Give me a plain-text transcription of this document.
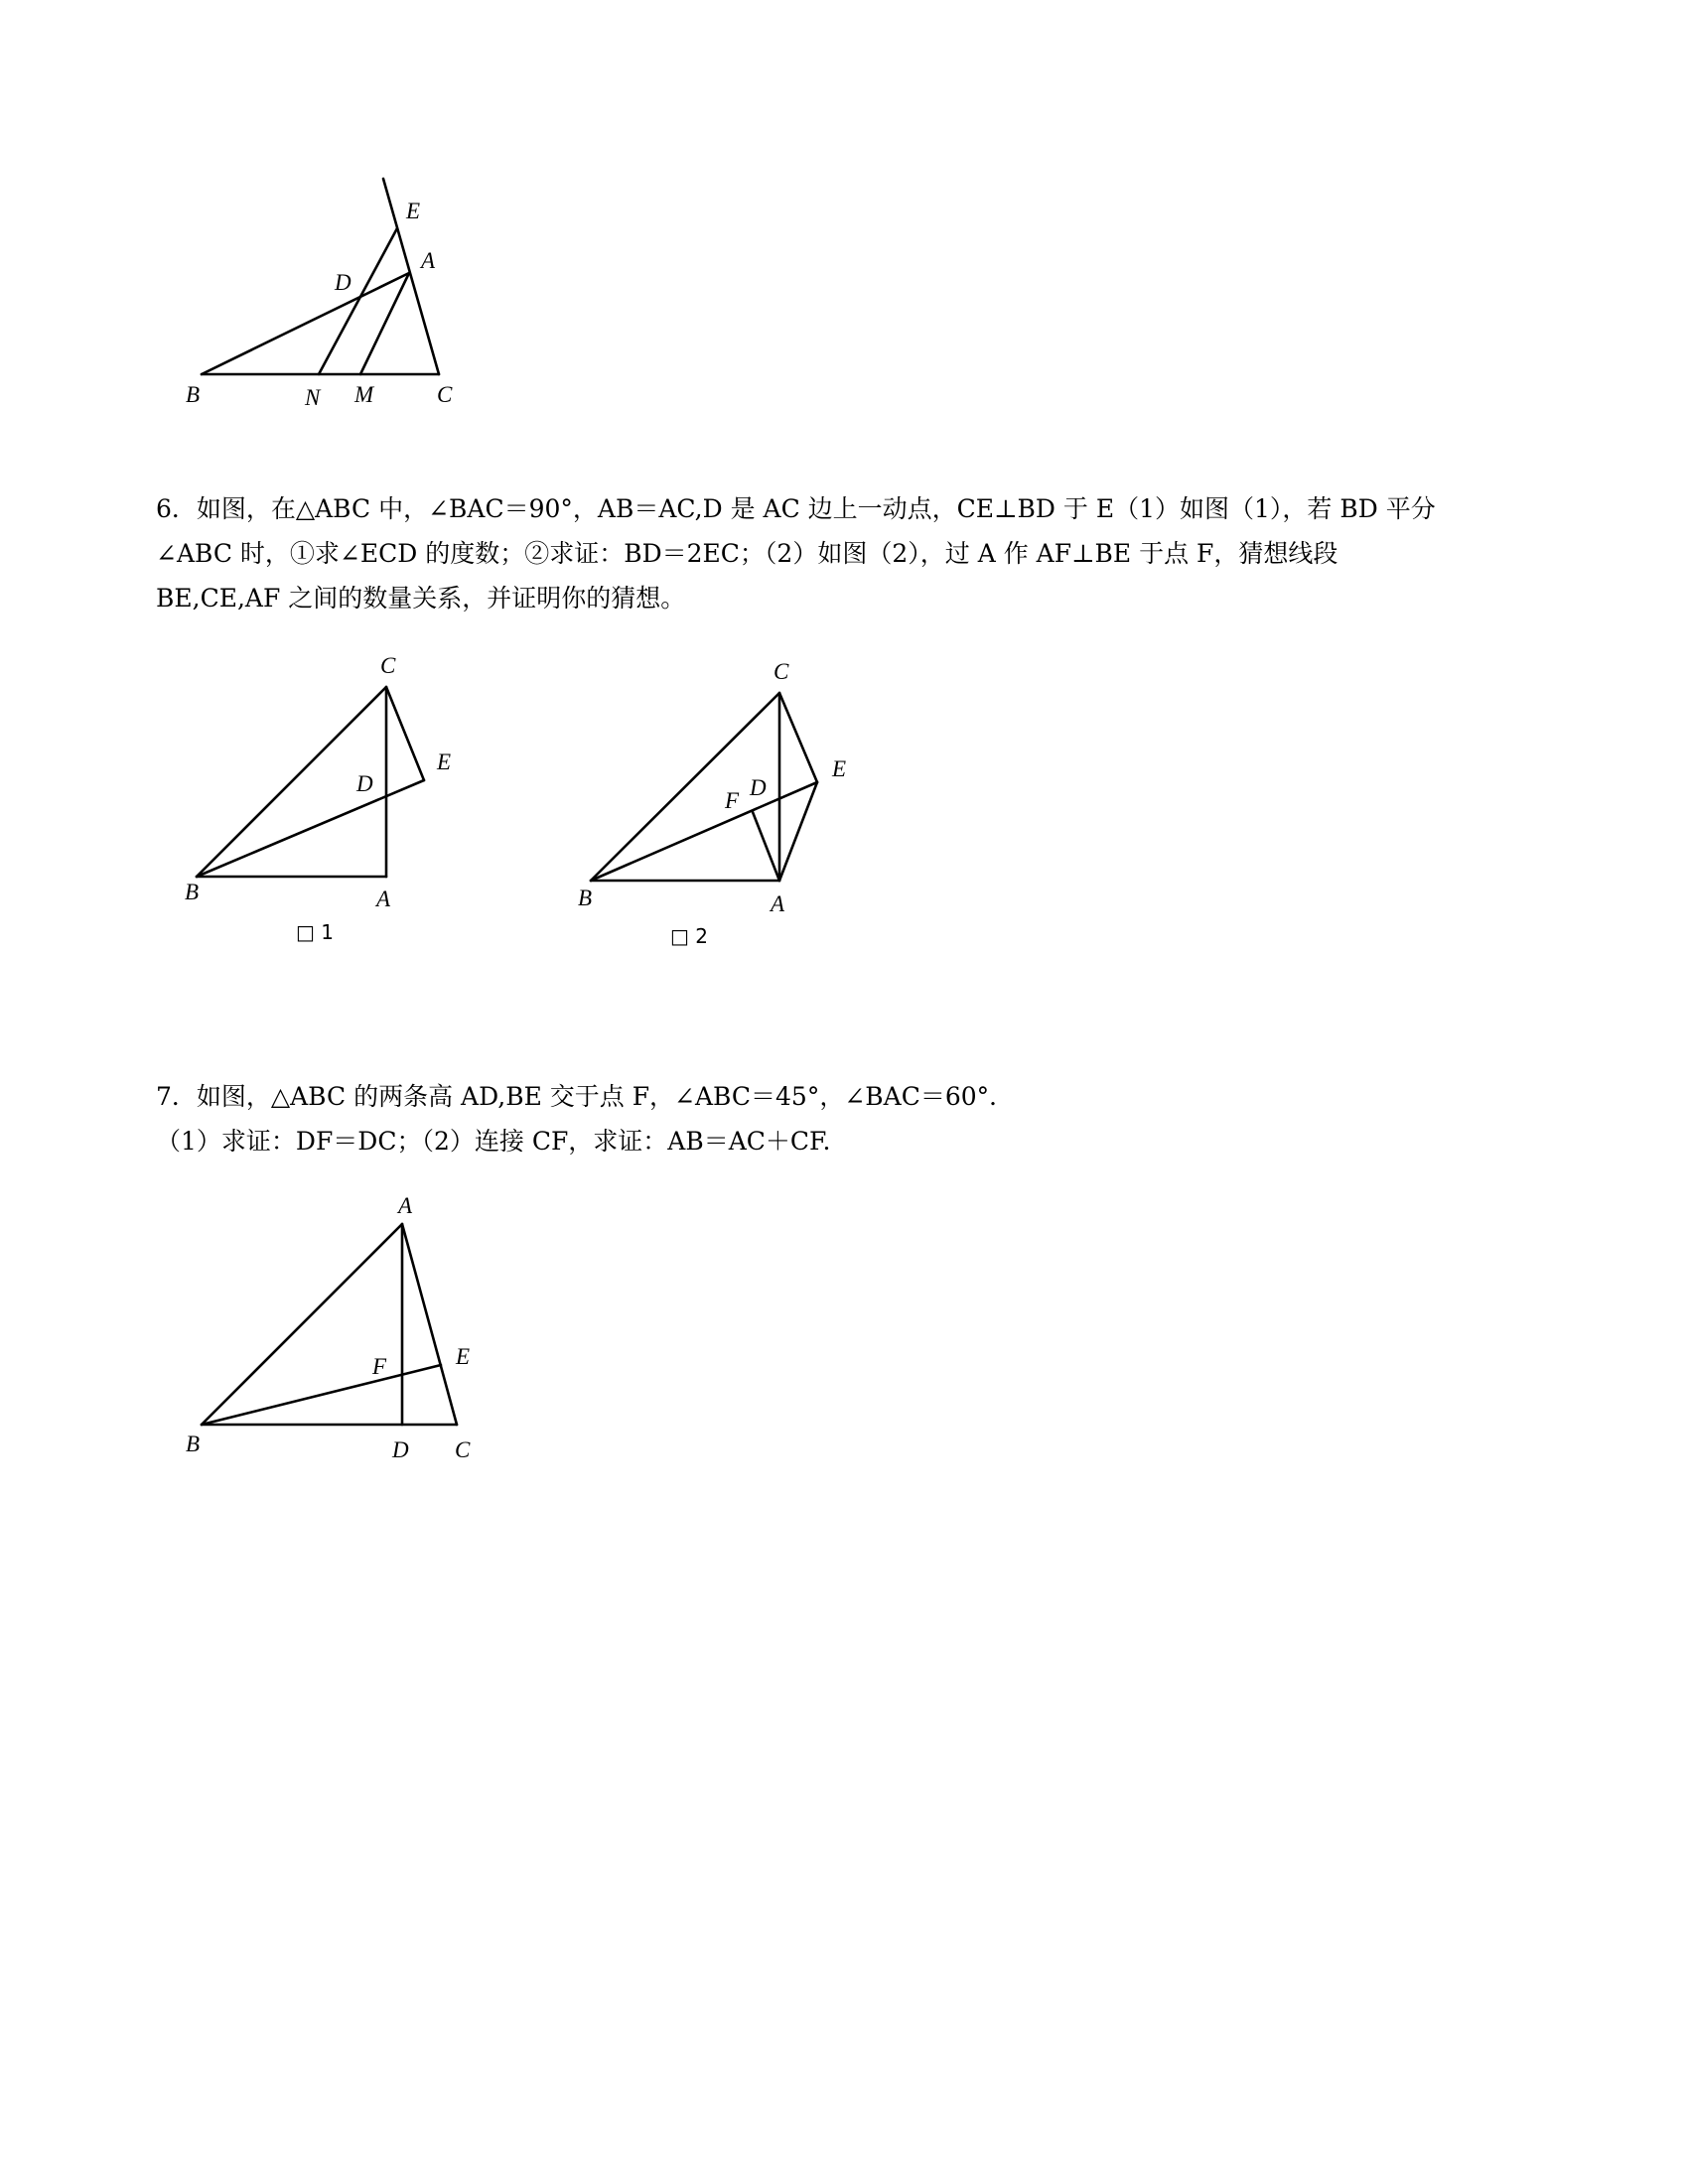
E
A
D
B	N M	C
C
E
D
B	A
□ 1
C
E
F
D
B	A
□ 2
A
F	E
B	D C
6．如图，在△ABC 中，∠BAC＝90°，AB＝AC,D 是 AC 边上一动点，CE⊥BD 于 E（1）如图（1），若 BD 平分
∠ABC 时，①求∠ECD 的度数；②求证：BD＝2EC；（2）如图（2），过 A 作 AF⊥BE 于点 F，猜想线段
BE,CE,AF 之间的数量关系，并证明你的猜想。
7．如图，△ABC 的两条高 AD,BE 交于点 F，∠ABC＝45°，∠BAC＝60°．
（1）求证：DF＝DC；（2）连接 CF，求证：AB＝AC＋CF.
